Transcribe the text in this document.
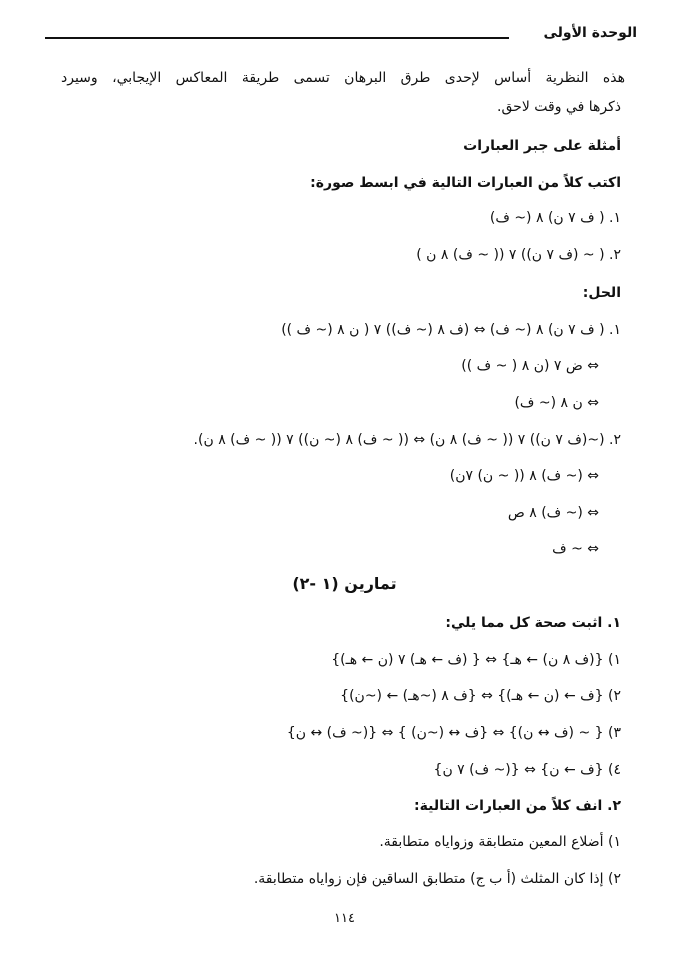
الوحدة الأولى
هذه النظرية أساس لإحدى طرق البرهان تسمى طريقة المعاكس الإيجابي، وسيرد
ذكرها في وقت لاحق.
أمثلة على جبر العبارات
اكتب كلاً من العبارات التالية في ابسط صورة:
١. ( ف ٧ ن) ٨ (~ ف)
٢. ( ~ (ف ٧ ن)) ٧ (( ~ ف) ٨ ن )
الحل:
١. ( ف ٧ ن) ٨ (~ ف) ⇔ (ف ٨ (~ ف)) ٧ ( ن ٨ (~ ف ))
⇔ ض ٧ (ن ٨ ( ~ ف ))
⇔ ن ٨ (~ ف)
٢. (~(ف ٧ ن)) ٧ (( ~ ف) ٨ ن) ⇔ (( ~ ف) ٨ (~ ن)) ٧ (( ~ ف) ٨ ن).
⇔ (~ ف) ٨ (( ~ ن) ٧ن)
⇔ (~ ف) ٨ ص
⇔ ~ ف
تمارين (١ -٢)
١. اثبت صحة كل مما يلي:
١) {(ف ٨ ن) ← هـ} ⇔ { (ف ← هـ) ٧ (ن ← هـ)}
٢) {ف ← (ن ← هـ)} ⇔ {ف ٨ (~هـ) ← (~ن)}
٣) { ~ (ف ↔ ن)} ⇔ {ف ↔ (~ن) } ⇔ {(~ ف) ↔ ن}
٤) {ف ← ن} ⇔ {(~ ف) ٧ ن}
٢. انف كلاً من العبارات التالية:
١) أضلاع المعين متطابقة وزواياه متطابقة.
٢) إذا كان المثلث (أ ب ج) متطابق الساقين فإن زواياه متطابقة.
١١٤
